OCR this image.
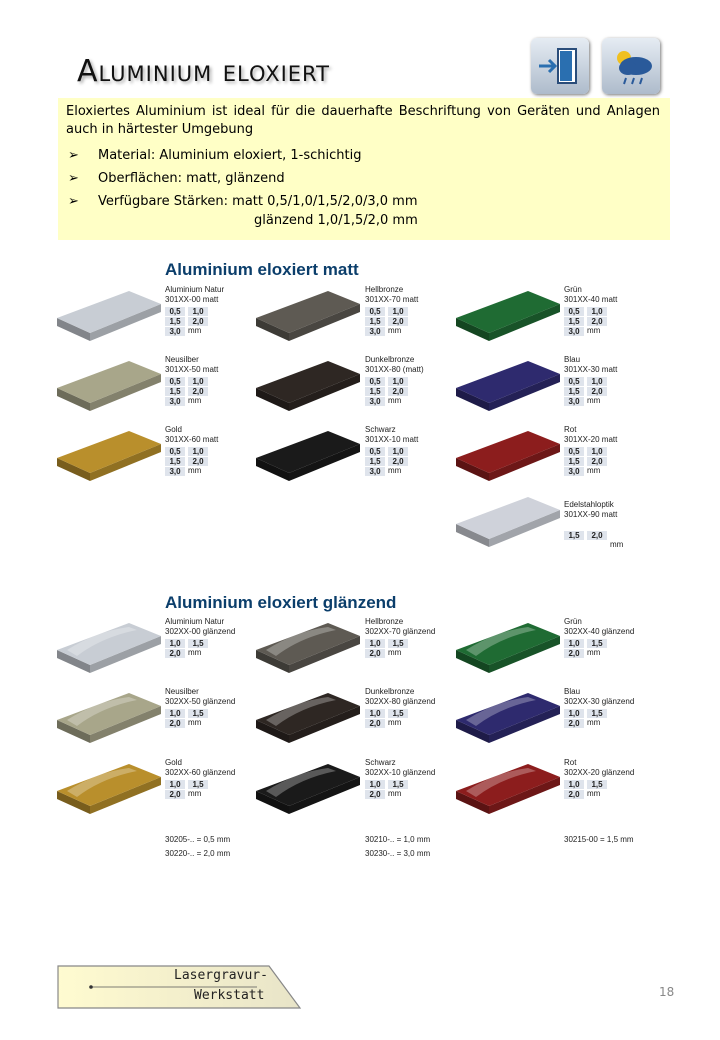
Aluminium eloxiert

Eloxiertes Aluminium ist ideal für die dauerhafte Beschriftung von Geräten und Anlagen auch in härtester Umgebung

➢ Material: Aluminium eloxiert, 1-schichtig
➢ Oberflächen: matt, glänzend
➢ Verfügbare Stärken: matt 0,5/1,0/1,5/2,0/3,0 mm
glänzend 1,0/1,5/2,0 mm
Aluminium eloxiert matt
Aluminium Natur
301XX-00 matt
0,5	1,0
1,5	2,0
3,0 mm
Hellbronze
301XX-70 matt
0,5	1,0
1,5	2,0
3,0 mm
Grün
301XX-40 matt
0,5	1,0
1,5	2,0
3,0 mm
Neusilber
301XX-50 matt
0,5	1,0
1,5	2,0
3,0 mm
Dunkelbronze
301XX-80 (matt)
0,5	1,0
1,5	2,0
3,0 mm
Blau
301XX-30 matt
0,5	1,0
1,5	2,0
3,0 mm
Gold
301XX-60 matt
0,5	1,0
1,5	2,0
3,0 mm
Schwarz
301XX-10 matt
0,5	1,0
1,5	2,0
3,0 mm
Rot
301XX-20 matt
0,5	1,0
1,5	2,0
3,0 mm
Edelstahloptik
301XX-90 matt
1,5	2,0
mm
Aluminium eloxiert glänzend
Aluminium Natur
302XX-00 glänzend
1,0	1,5
2,0 mm
Hellbronze
302XX-70 glänzend
1,0	1,5
2,0 mm
Grün
302XX-40 glänzend
1,0	1,5
2,0 mm
Neusilber
302XX-50 glänzend
1,0	1,5
2,0 mm
Dunkelbronze
302XX-80 glänzend
1,0	1,5
2,0 mm
Blau
302XX-30 glänzend
1,0	1,5
2,0 mm
Gold
302XX-60 glänzend
1,0	1,5
2,0 mm
Schwarz
302XX-10 glänzend
1,0	1,5
2,0 mm
Rot
302XX-20 glänzend
1,0	1,5
2,0 mm
30205-.. = 0,5 mm
30220-.. = 2,0 mm
30210-.. = 1,0 mm
30230-.. = 3,0 mm
30215-00 = 1,5 mm
Lasergravur-
Werkstatt	18
